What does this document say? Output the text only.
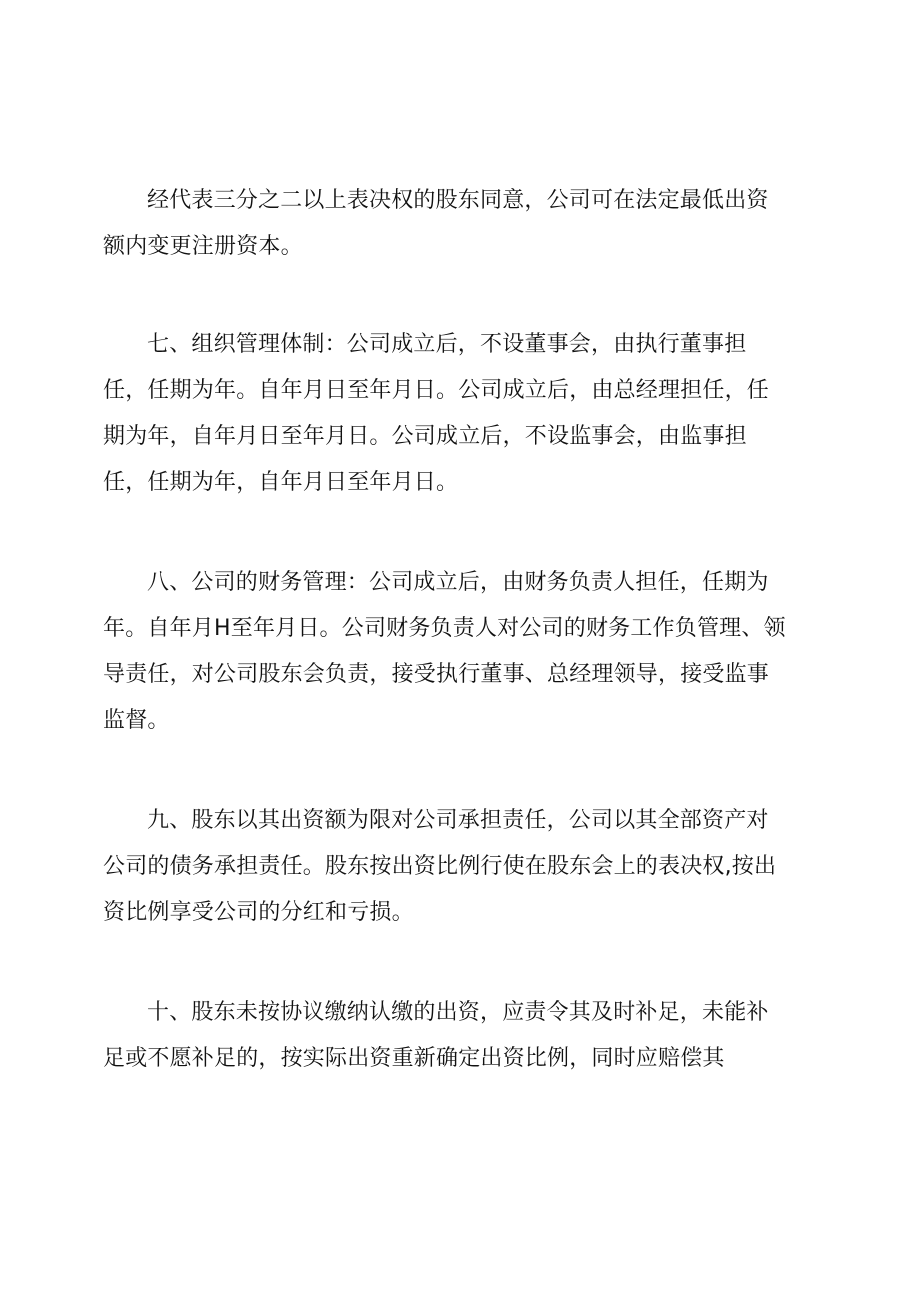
经代表三分之二以上表决权的股东同意，公司可在法定最低出资
额内变更注册资本。
七、组织管理体制：公司成立后，不设董事会，由执行董事担
任，任期为年。自年月日至年月日。公司成立后，由总经理担任，任
期为年，自年月日至年月日。公司成立后，不设监事会，由监事担
任，任期为年，自年月日至年月日。
八、公司的财务管理：公司成立后，由财务负责人担任，任期为
年。自年月H至年月日。公司财务负责人对公司的财务工作负管理、领
导责任，对公司股东会负责，接受执行董事、总经理领导，接受监事
监督。
九、股东以其出资额为限对公司承担责任，公司以其全部资产对
公司的债务承担责任。股东按出资比例行使在股东会上的表决权,按出
资比例享受公司的分红和亏损。
十、股东未按协议缴纳认缴的出资，应责令其及时补足，未能补
足或不愿补足的，按实际出资重新确定出资比例，同时应赔偿其
